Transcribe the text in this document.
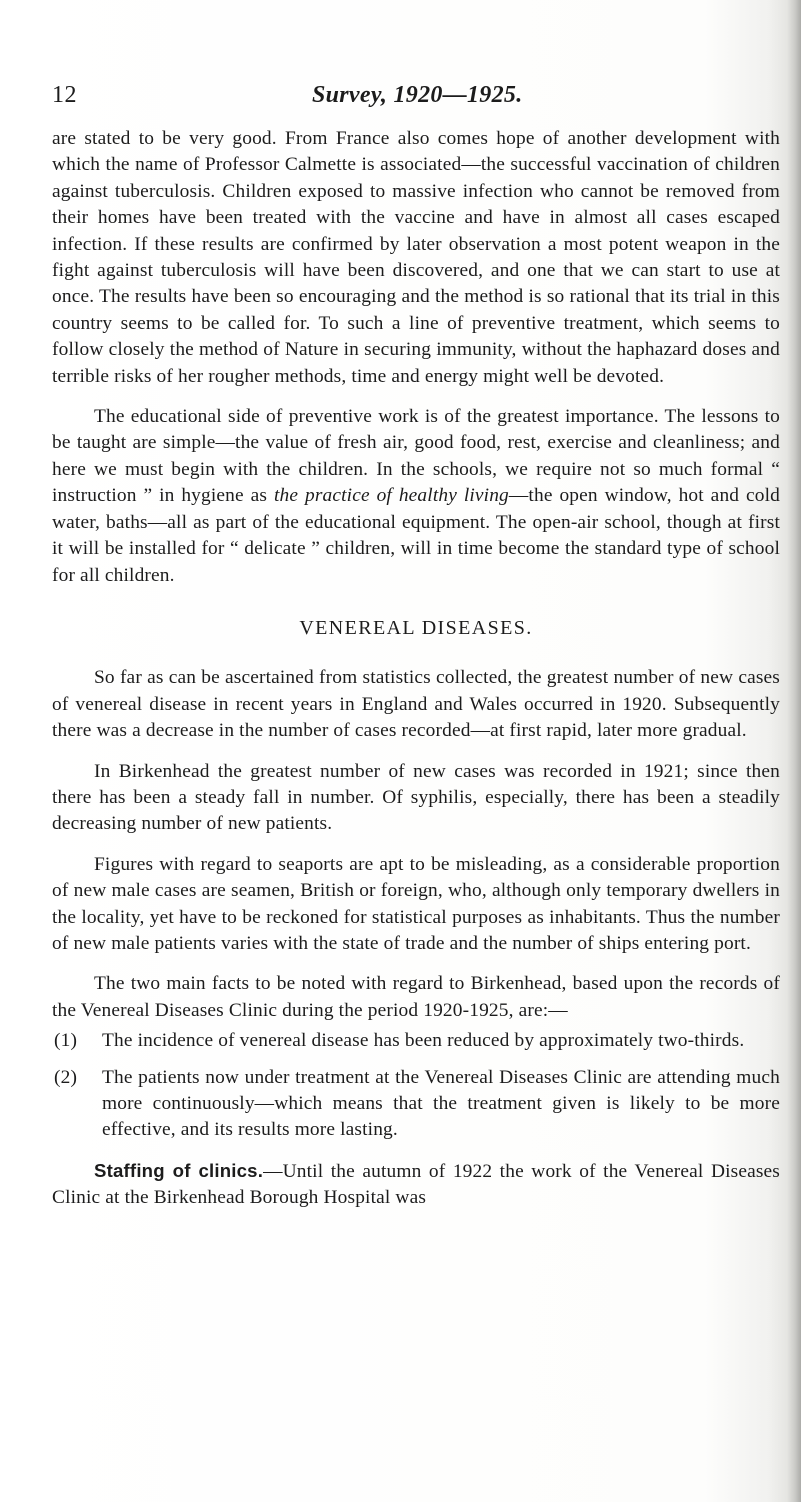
12	Survey, 1920—1925.

are stated to be very good. From France also comes hope of another development with which the name of Professor Calmette is associated—the successful vaccination of children against tuberculosis. Children exposed to massive infection who cannot be removed from their homes have been treated with the vaccine and have in almost all cases escaped infection. If these results are confirmed by later observation a most potent weapon in the fight against tuberculosis will have been discovered, and one that we can start to use at once. The results have been so encouraging and the method is so rational that its trial in this country seems to be called for. To such a line of preventive treatment, which seems to follow closely the method of Nature in securing immunity, without the haphazard doses and terrible risks of her rougher methods, time and energy might well be devoted.

The educational side of preventive work is of the greatest importance. The lessons to be taught are simple—the value of fresh air, good food, rest, exercise and cleanliness; and here we must begin with the children. In the schools, we require not so much formal “ instruction ” in hygiene as the practice of healthy living—the open window, hot and cold water, baths—all as part of the educational equipment. The open-air school, though at first it will be installed for “ delicate ” children, will in time become the standard type of school for all children.

VENEREAL DISEASES.

So far as can be ascertained from statistics collected, the greatest number of new cases of venereal disease in recent years in England and Wales occurred in 1920. Subsequently there was a decrease in the number of cases recorded—at first rapid, later more gradual.

In Birkenhead the greatest number of new cases was recorded in 1921; since then there has been a steady fall in number. Of syphilis, especially, there has been a steadily decreasing number of new patients.

Figures with regard to seaports are apt to be misleading, as a considerable proportion of new male cases are seamen, British or foreign, who, although only temporary dwellers in the locality, yet have to be reckoned for statistical purposes as inhabitants. Thus the number of new male patients varies with the state of trade and the number of ships entering port.

The two main facts to be noted with regard to Birkenhead, based upon the records of the Venereal Diseases Clinic during the period 1920-1925, are:—

(1)	The incidence of venereal disease has been reduced by approximately two-thirds.
(2)	The patients now under treatment at the Venereal Diseases Clinic are attending much more continuously—which means that the treatment given is likely to be more effective, and its results more lasting.

Staffing of clinics.—Until the autumn of 1922 the work of the Venereal Diseases Clinic at the Birkenhead Borough Hospital was
